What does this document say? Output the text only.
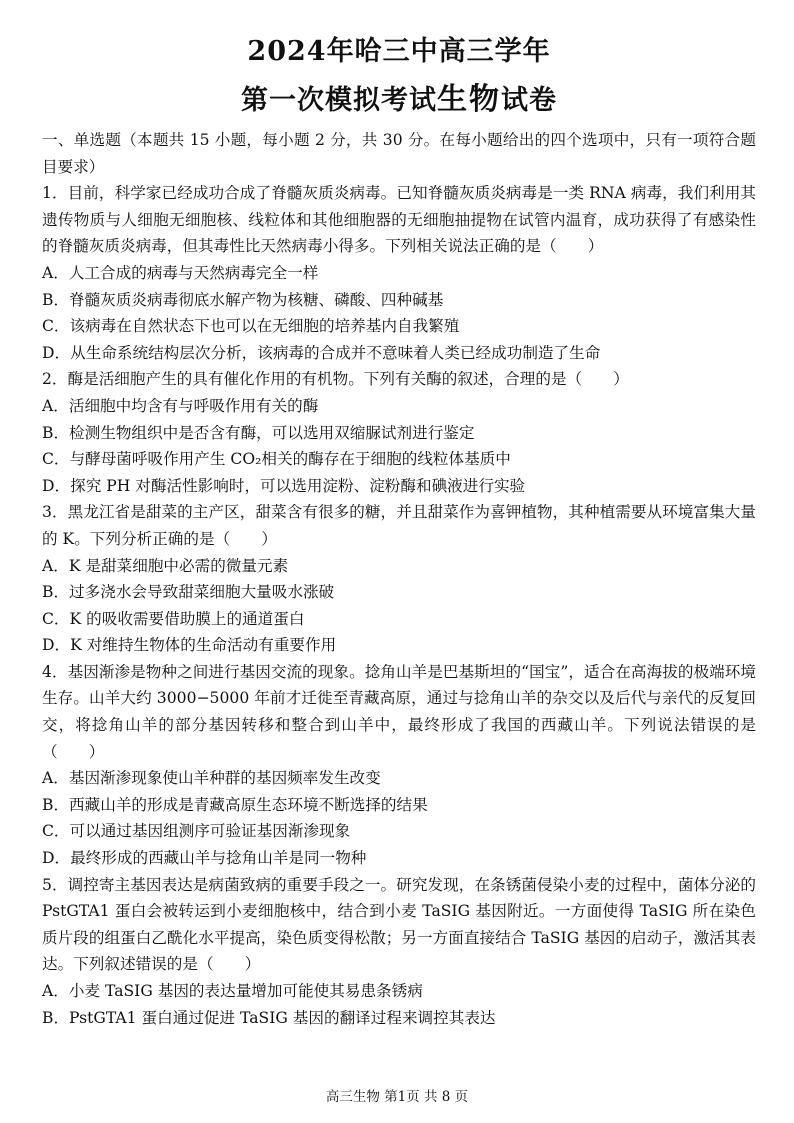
2024年哈三中高三学年
第一次模拟考试生物试卷

一、单选题（本题共 15 小题，每小题 2 分，共 30 分。在每小题给出的四个选项中，只有一项符合题目要求）

1．目前，科学家已经成功合成了脊髓灰质炎病毒。已知脊髓灰质炎病毒是一类 RNA 病毒，我们利用其遗传物质与人细胞无细胞核、线粒体和其他细胞器的无细胞抽提物在试管内温育，成功获得了有感染性的脊髓灰质炎病毒，但其毒性比天然病毒小得多。下列相关说法正确的是（　　）

A．人工合成的病毒与天然病毒完全一样

B．脊髓灰质炎病毒彻底水解产物为核糖、磷酸、四种碱基

C．该病毒在自然状态下也可以在无细胞的培养基内自我繁殖

D．从生命系统结构层次分析，该病毒的合成并不意味着人类已经成功制造了生命

2．酶是活细胞产生的具有催化作用的有机物。下列有关酶的叙述，合理的是（　　）

A．活细胞中均含有与呼吸作用有关的酶

B．检测生物组织中是否含有酶，可以选用双缩脲试剂进行鉴定

C．与酵母菌呼吸作用产生 CO₂相关的酶存在于细胞的线粒体基质中

D．探究 PH 对酶活性影响时，可以选用淀粉、淀粉酶和碘液进行实验

3．黑龙江省是甜菜的主产区，甜菜含有很多的糖，并且甜菜作为喜钾植物，其种植需要从环境富集大量的 K。下列分析正确的是（　　）

A．K 是甜菜细胞中必需的微量元素

B．过多浇水会导致甜菜细胞大量吸水涨破

C．K 的吸收需要借助膜上的通道蛋白

D．K 对维持生物体的生命活动有重要作用

4．基因渐渗是物种之间进行基因交流的现象。捻角山羊是巴基斯坦的“国宝”，适合在高海拔的极端环境生存。山羊大约 3000−5000 年前才迁徙至青藏高原，通过与捻角山羊的杂交以及后代与亲代的反复回交，将捻角山羊的部分基因转移和整合到山羊中，最终形成了我国的西藏山羊。下列说法错误的是（　　）

A．基因渐渗现象使山羊种群的基因频率发生改变

B．西藏山羊的形成是青藏高原生态环境不断选择的结果

C．可以通过基因组测序可验证基因渐渗现象

D．最终形成的西藏山羊与捻角山羊是同一物种

5．调控寄主基因表达是病菌致病的重要手段之一。研究发现，在条锈菌侵染小麦的过程中，菌体分泌的 PstGTA1 蛋白会被转运到小麦细胞核中，结合到小麦 TaSIG 基因附近。一方面使得 TaSIG 所在染色质片段的组蛋白乙酰化水平提高，染色质变得松散；另一方面直接结合 TaSIG 基因的启动子，激活其表达。下列叙述错误的是（　　）

A．小麦 TaSIG 基因的表达量增加可能使其易患条锈病

B．PstGTA1 蛋白通过促进 TaSIG 基因的翻译过程来调控其表达

高三生物 第1页 共 8 页
